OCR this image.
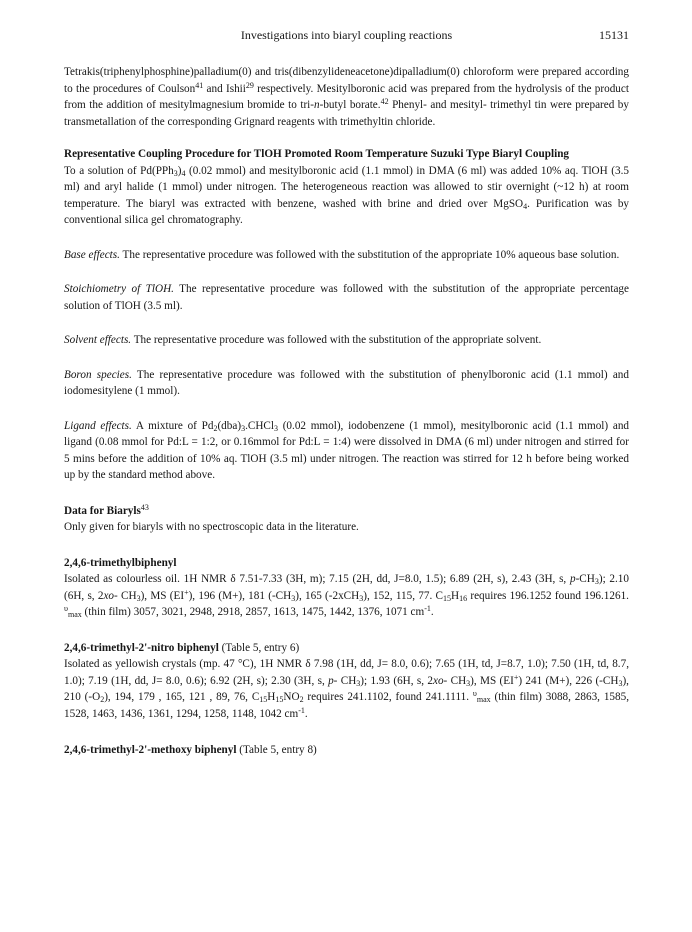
Investigations into biaryl coupling reactions	15131

Tetrakis(triphenylphosphine)palladium(0) and tris(dibenzylideneacetone)dipalladium(0) chloroform were prepared according to the procedures of Coulson$^{41}$ and Ishii$^{29}$ respectively. Mesitylboronic acid was prepared from the hydrolysis of the product from the addition of mesitylmagnesium bromide to tri-n-butyl borate.$^{42}$ Phenyl- and mesityl- trimethyl tin were prepared by transmetallation of the corresponding Grignard reagents with trimethyltin chloride.

Representative Coupling Procedure for TlOH Promoted Room Temperature Suzuki Type Biaryl Coupling

To a solution of $Pd(PPh_3)_4$ (0.02 mmol) and mesitylboronic acid (1.1 mmol) in DMA (6 ml) was added 10% aq. TlOH (3.5 ml) and aryl halide (1 mmol) under nitrogen. The heterogeneous reaction was allowed to stir overnight (~12 h) at room temperature. The biaryl was extracted with benzene, washed with brine and dried over MgSO$_4$. Purification was by conventional silica gel chromatography.

Base effects. The representative procedure was followed with the substitution of the appropriate 10% aqueous base solution.

Stoichiometry of TlOH. The representative procedure was followed with the substitution of the appropriate percentage solution of TlOH (3.5 ml).

Solvent effects. The representative procedure was followed with the substitution of the appropriate solvent.

Boron species. The representative procedure was followed with the substitution of phenylboronic acid (1.1 mmol) and iodomesitylene (1 mmol).

Ligand effects. A mixture of $Pd_2(dba)_3.CHCl_3$ (0.02 mmol), iodobenzene (1 mmol), mesitylboronic acid (1.1 mmol) and ligand (0.08 mmol for Pd:L = 1:2, or 0.16mmol for Pd:L = 1:4) were dissolved in DMA (6 ml) under nitrogen and stirred for 5 mins before the addition of 10% aq. TlOH (3.5 ml) under nitrogen. The reaction was stirred for 12 h before being worked up by the standard method above.

Data for Biaryls$^{43}$

Only given for biaryls with no spectroscopic data in the literature.

2,4,6-trimethylbiphenyl

Isolated as colourless oil. 1H NMR δ 7.51-7.33 (3H, m); 7.15 (2H, dd, J=8.0, 1.5); 6.89 (2H, s), 2.43 (3H, s, $p-CH_3$); 2.10 (6H, s, 2xo- $CH_3$), MS (EI+), 196 (M+), 181 $(-CH_3)$, 165 (-2xCH$_3$), 152, 115, 77. $C_{15}H_{16}$ requires 196.1252 found 196.1261. $^\upsilon_{max}$ (thin film) 3057, 3021, 2948, 2918, 2857, 1613, 1475, 1442, 1376, 1071 $cm^{-1}$.

2,4,6-trimethyl-2'-nitro biphenyl (Table 5, entry 6)

Isolated as yellowish crystals (mp. 47 °C), 1H NMR δ 7.98 (1H, dd, J= 8.0, 0.6); 7.65 (1H, td, J=8.7, 1.0); 7.50 (1H, td, 8.7, 1.0); 7.19 (1H, dd, J= 8.0, 0.6); 6.92 (2H, s); 2.30 (3H, s, p- $CH_3$); 1.93 (6H, s, 2xo- $CH_3$), MS (EI+) 241 (M+), 226 $(-CH_3)$, 210 $(-O_2)$, 194, 179 , 165, 121 , 89, 76, $C_{15}H_{15}NO_2$ requires 241.1102, found 241.1111. $^\upsilon_{max}$ (thin film) 3088, 2863, 1585, 1528, 1463, 1436, 1361, 1294, 1258, 1148, 1042 $cm^{-1}$.

2,4,6-trimethyl-2'-methoxy biphenyl (Table 5, entry 8)
